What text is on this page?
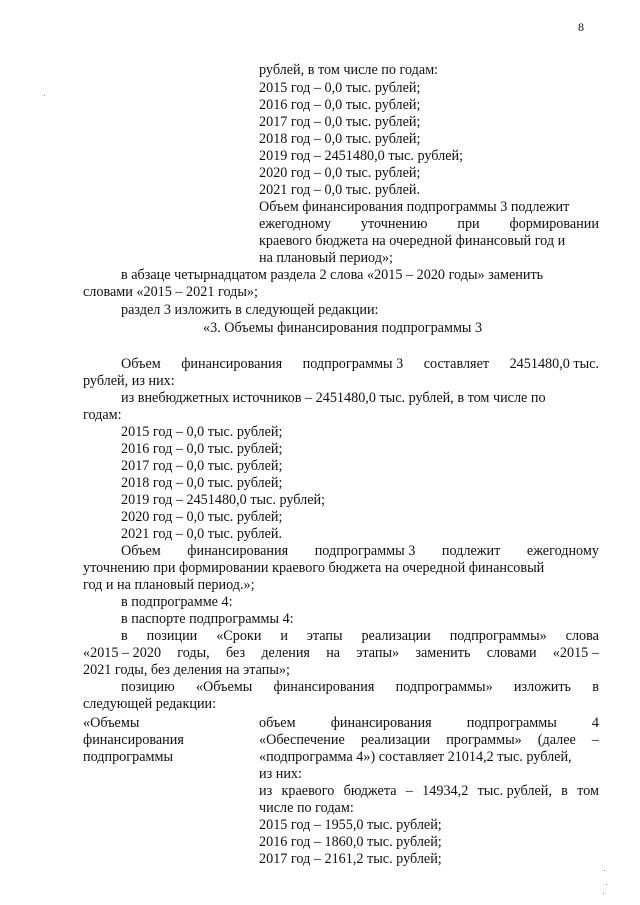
8
рублей, в том числе по годам:
2015 год – 0,0 тыс. рублей;
2016 год – 0,0 тыс. рублей;
2017 год – 0,0 тыс. рублей;
2018 год – 0,0 тыс. рублей;
2019 год – 2451480,0 тыс. рублей;
2020 год – 0,0 тыс. рублей;
2021 год – 0,0 тыс. рублей.
Объем финансирования подпрограммы 3 подлежит
ежегодному уточнению при формировании
краевого бюджета на очередной финансовый год и
на плановый период»;
в абзаце четырнадцатом раздела 2 слова «2015 – 2020 годы» заменить
словами «2015 – 2021 годы»;
раздел 3 изложить в следующей редакции:
«3. Объемы финансирования подпрограммы 3
Объем финансирования подпрограммы 3 составляет 2451480,0 тыс.
рублей, из них:
из внебюджетных источников – 2451480,0 тыс. рублей, в том числе по
годам:
2015 год – 0,0 тыс. рублей;
2016 год – 0,0 тыс. рублей;
2017 год – 0,0 тыс. рублей;
2018 год – 0,0 тыс. рублей;
2019 год – 2451480,0 тыс. рублей;
2020 год – 0,0 тыс. рублей;
2021 год – 0,0 тыс. рублей.
Объем финансирования подпрограммы 3 подлежит ежегодному
уточнению при формировании краевого бюджета на очередной финансовый
год и на плановый период.»;
в подпрограмме 4:
в паспорте подпрограммы 4:
в позиции «Сроки и этапы реализации подпрограммы» слова
«2015 – 2020 годы, без деления на этапы» заменить словами «2015 –
2021 годы, без деления на этапы»;
позицию «Объемы финансирования подпрограммы» изложить в
следующей редакции:
«Объемы
финансирования
подпрограммы
объем финансирования подпрограммы 4
«Обеспечение реализации программы» (далее –
«подпрограмма 4») составляет 21014,2 тыс. рублей,
из них:
из краевого бюджета – 14934,2 тыс. рублей, в том
числе по годам:
2015 год – 1955,0 тыс. рублей;
2016 год – 1860,0 тыс. рублей;
2017 год – 2161,2 тыс. рублей;
